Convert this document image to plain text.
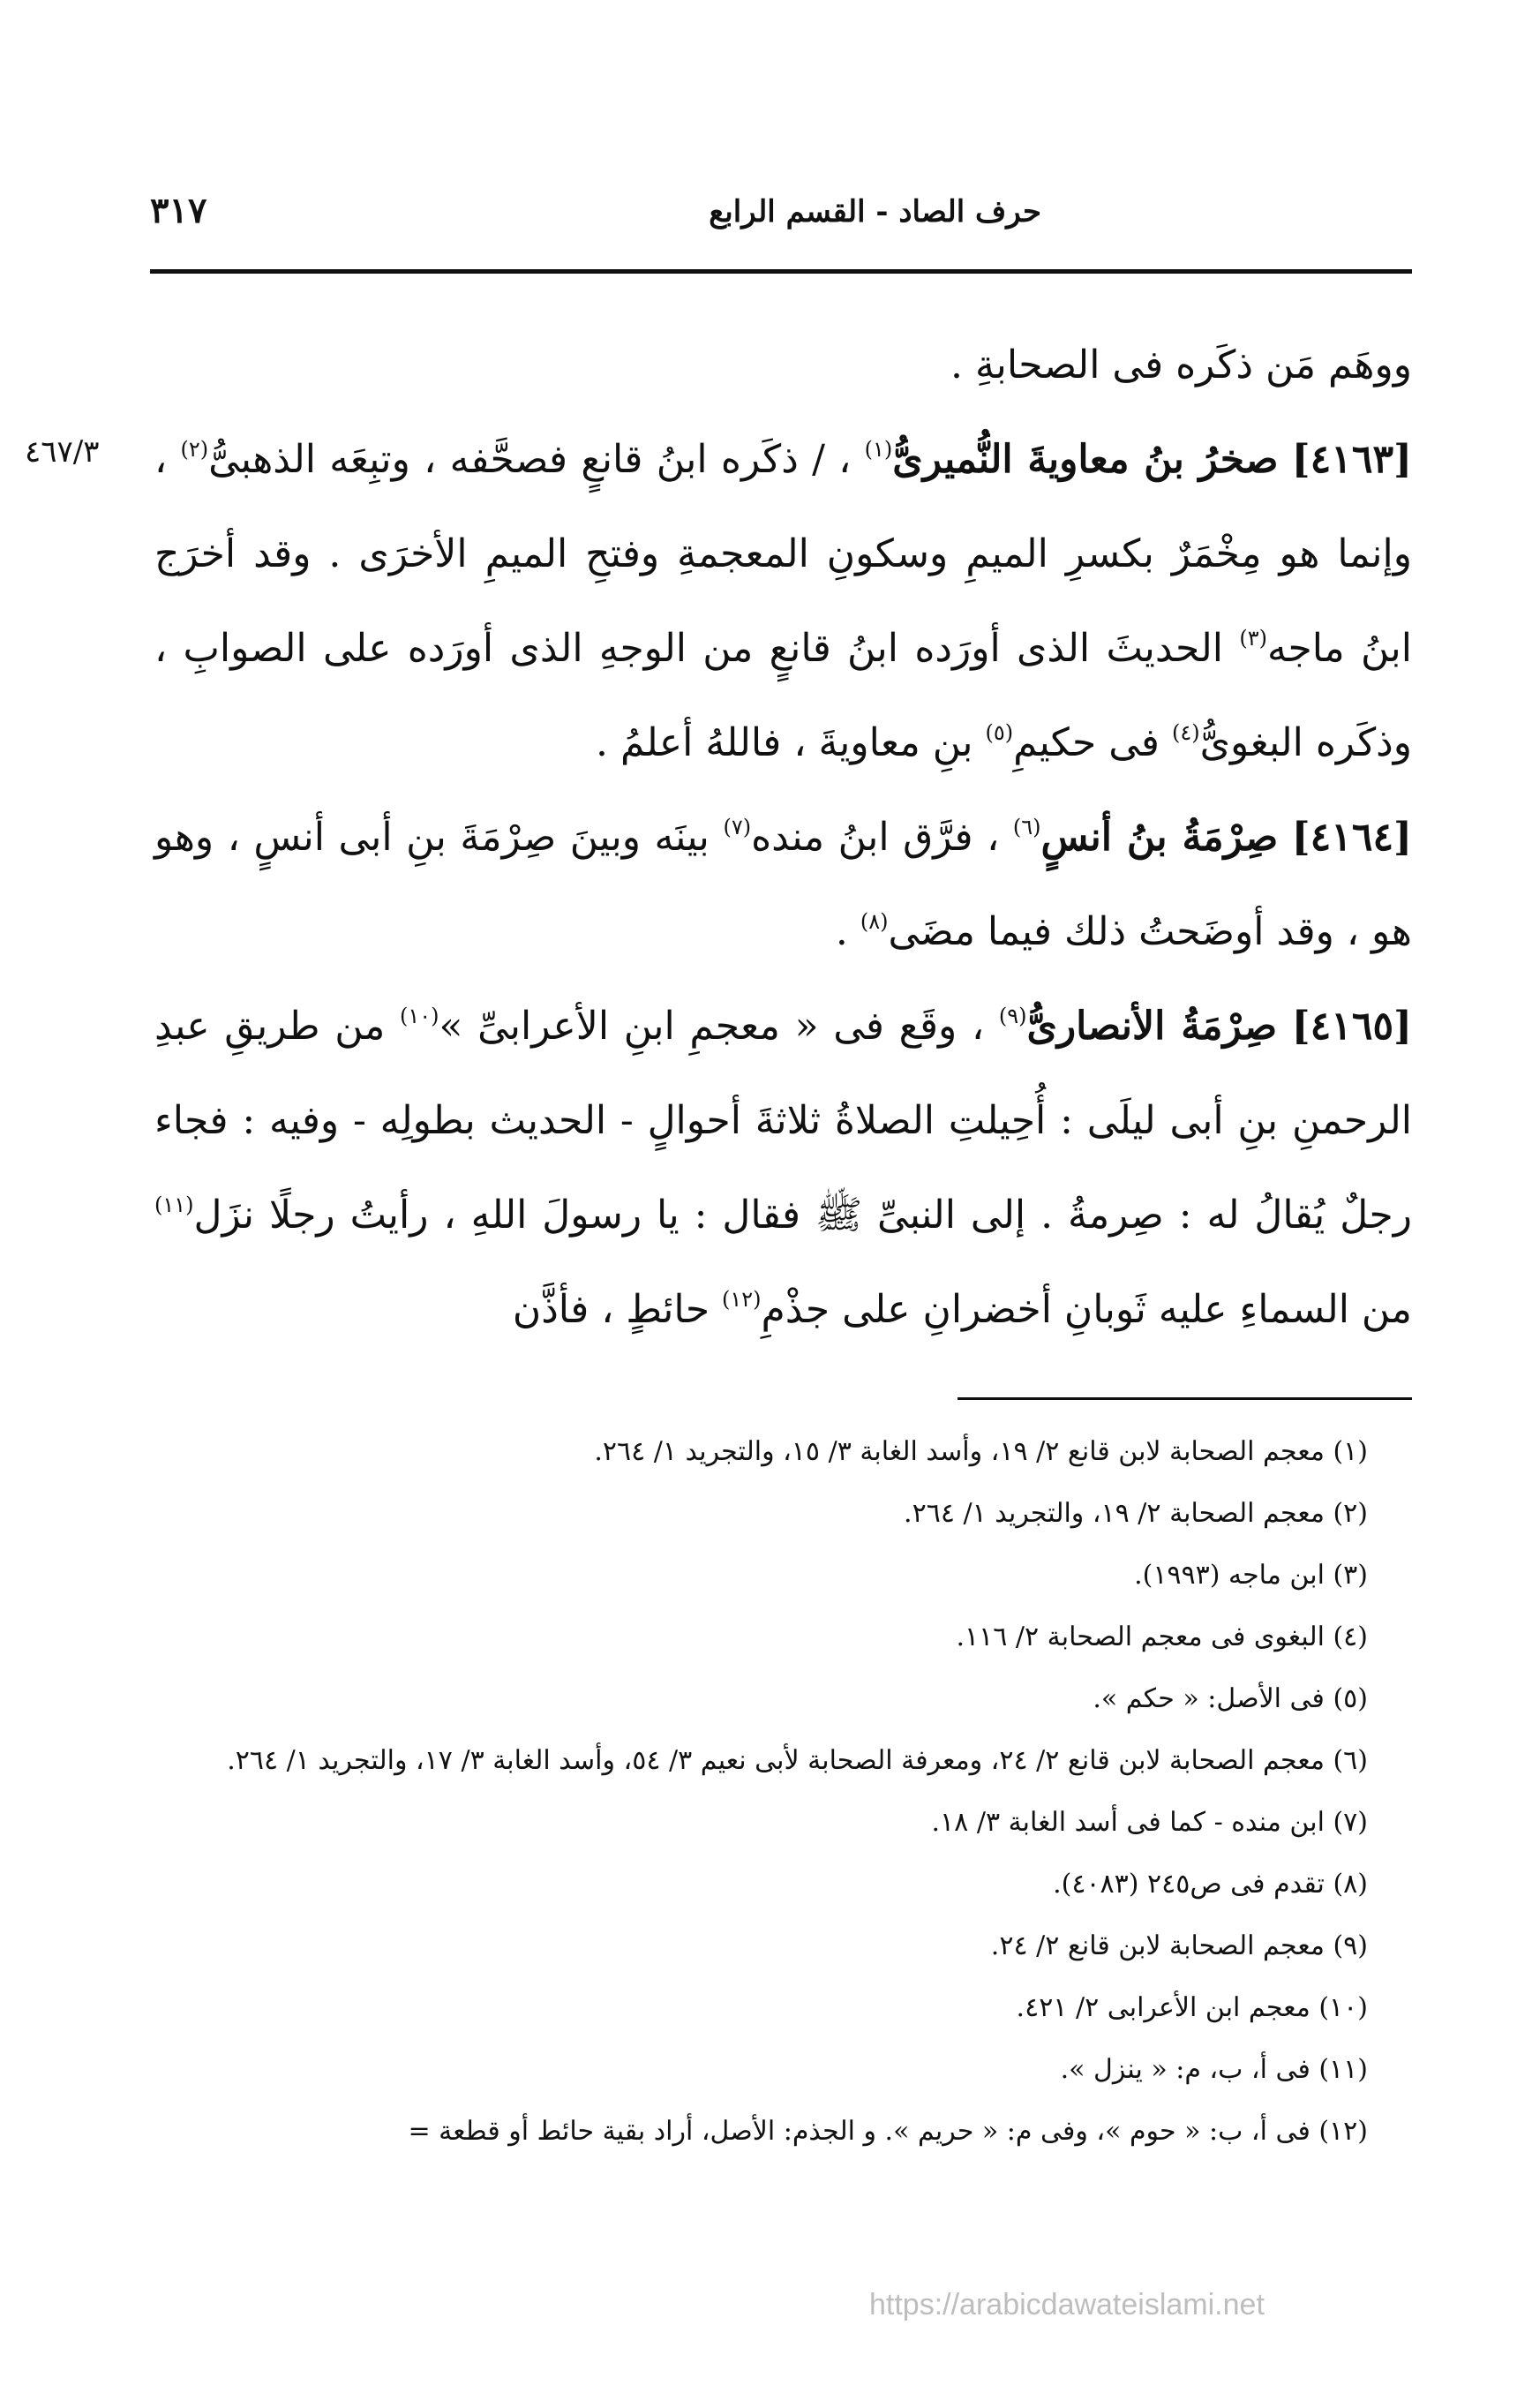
٣١٧	حرف الصاد - القسم الرابع
٤٦٧/٣

ووهَم مَن ذكَره فى الصحابةِ .

[٤١٦٣] صخرُ بنُ معاويةَ النُّميرىُّ$^{(١)}$ ، / ذكَره ابنُ قانعٍ فصحَّفه ، وتبِعَه الذهبىُّ$^{(٢)}$ ، وإنما هو مِخْمَرٌ بكسرِ الميمِ وسكونِ المعجمةِ وفتحِ الميمِ الأخرَى . وقد أخرَج ابنُ ماجه$^{(٣)}$ الحديثَ الذى أورَده ابنُ قانعٍ من الوجهِ الذى أورَده على الصوابِ ، وذكَره البغوىُّ$^{(٤)}$ فى حكيمِ$^{(٥)}$ بنِ معاويةَ ، فاللهُ أعلمُ .

[٤١٦٤] صِرْمَةُ بنُ أنسٍ$^{(٦)}$ ، فرَّق ابنُ منده$^{(٧)}$ بينَه وبينَ صِرْمَةَ بنِ أبى أنسٍ ، وهو هو ، وقد أوضَحتُ ذلك فيما مضَى$^{(٨)}$ .

[٤١٦٥] صِرْمَةُ الأنصارىُّ$^{(٩)}$ ، وقَع فى « معجمِ ابنِ الأعرابىِّ »$^{(١٠)}$ من طريقِ عبدِ الرحمنِ بنِ أبى ليلَى : أُحِيلتِ الصلاةُ ثلاثةَ أحوالٍ - الحديث بطولِه - وفيه : فجاء رجلٌ يُقالُ له : صِرمةُ . إلى النبىِّ ﷺ فقال : يا رسولَ اللهِ ، رأيتُ رجلًا نزَل$^{(١١)}$ من السماءِ عليه ثَوبانِ أخضرانِ على جذْمِ$^{(١٢)}$ حائطٍ ، فأذَّن

(١) معجم الصحابة لابن قانع ٢/ ١٩، وأسد الغابة ٣/ ١٥، والتجريد ١/ ٢٦٤.

(٢) معجم الصحابة ٢/ ١٩، والتجريد ١/ ٢٦٤.

(٣) ابن ماجه (١٩٩٣).

(٤) البغوى فى معجم الصحابة ٢/ ١١٦.

(٥) فى الأصل: « حكم ».

(٦) معجم الصحابة لابن قانع ٢/ ٢٤، ومعرفة الصحابة لأبى نعيم ٣/ ٥٤، وأسد الغابة ٣/ ١٧، والتجريد ١/ ٢٦٤.

(٧) ابن منده - كما فى أسد الغابة ٣/ ١٨.

(٨) تقدم فى ص٢٤٥ (٤٠٨٣).

(٩) معجم الصحابة لابن قانع ٢/ ٢٤.

(١٠) معجم ابن الأعرابى ٢/ ٤٢١.

(١١) فى أ، ب، م: « ينزل ».

(١٢) فى أ، ب: « حوم »، وفى م: « حريم ». و الجذم: الأصل، أراد بقية حائط أو قطعة =

https://arabicdawateislami.net
